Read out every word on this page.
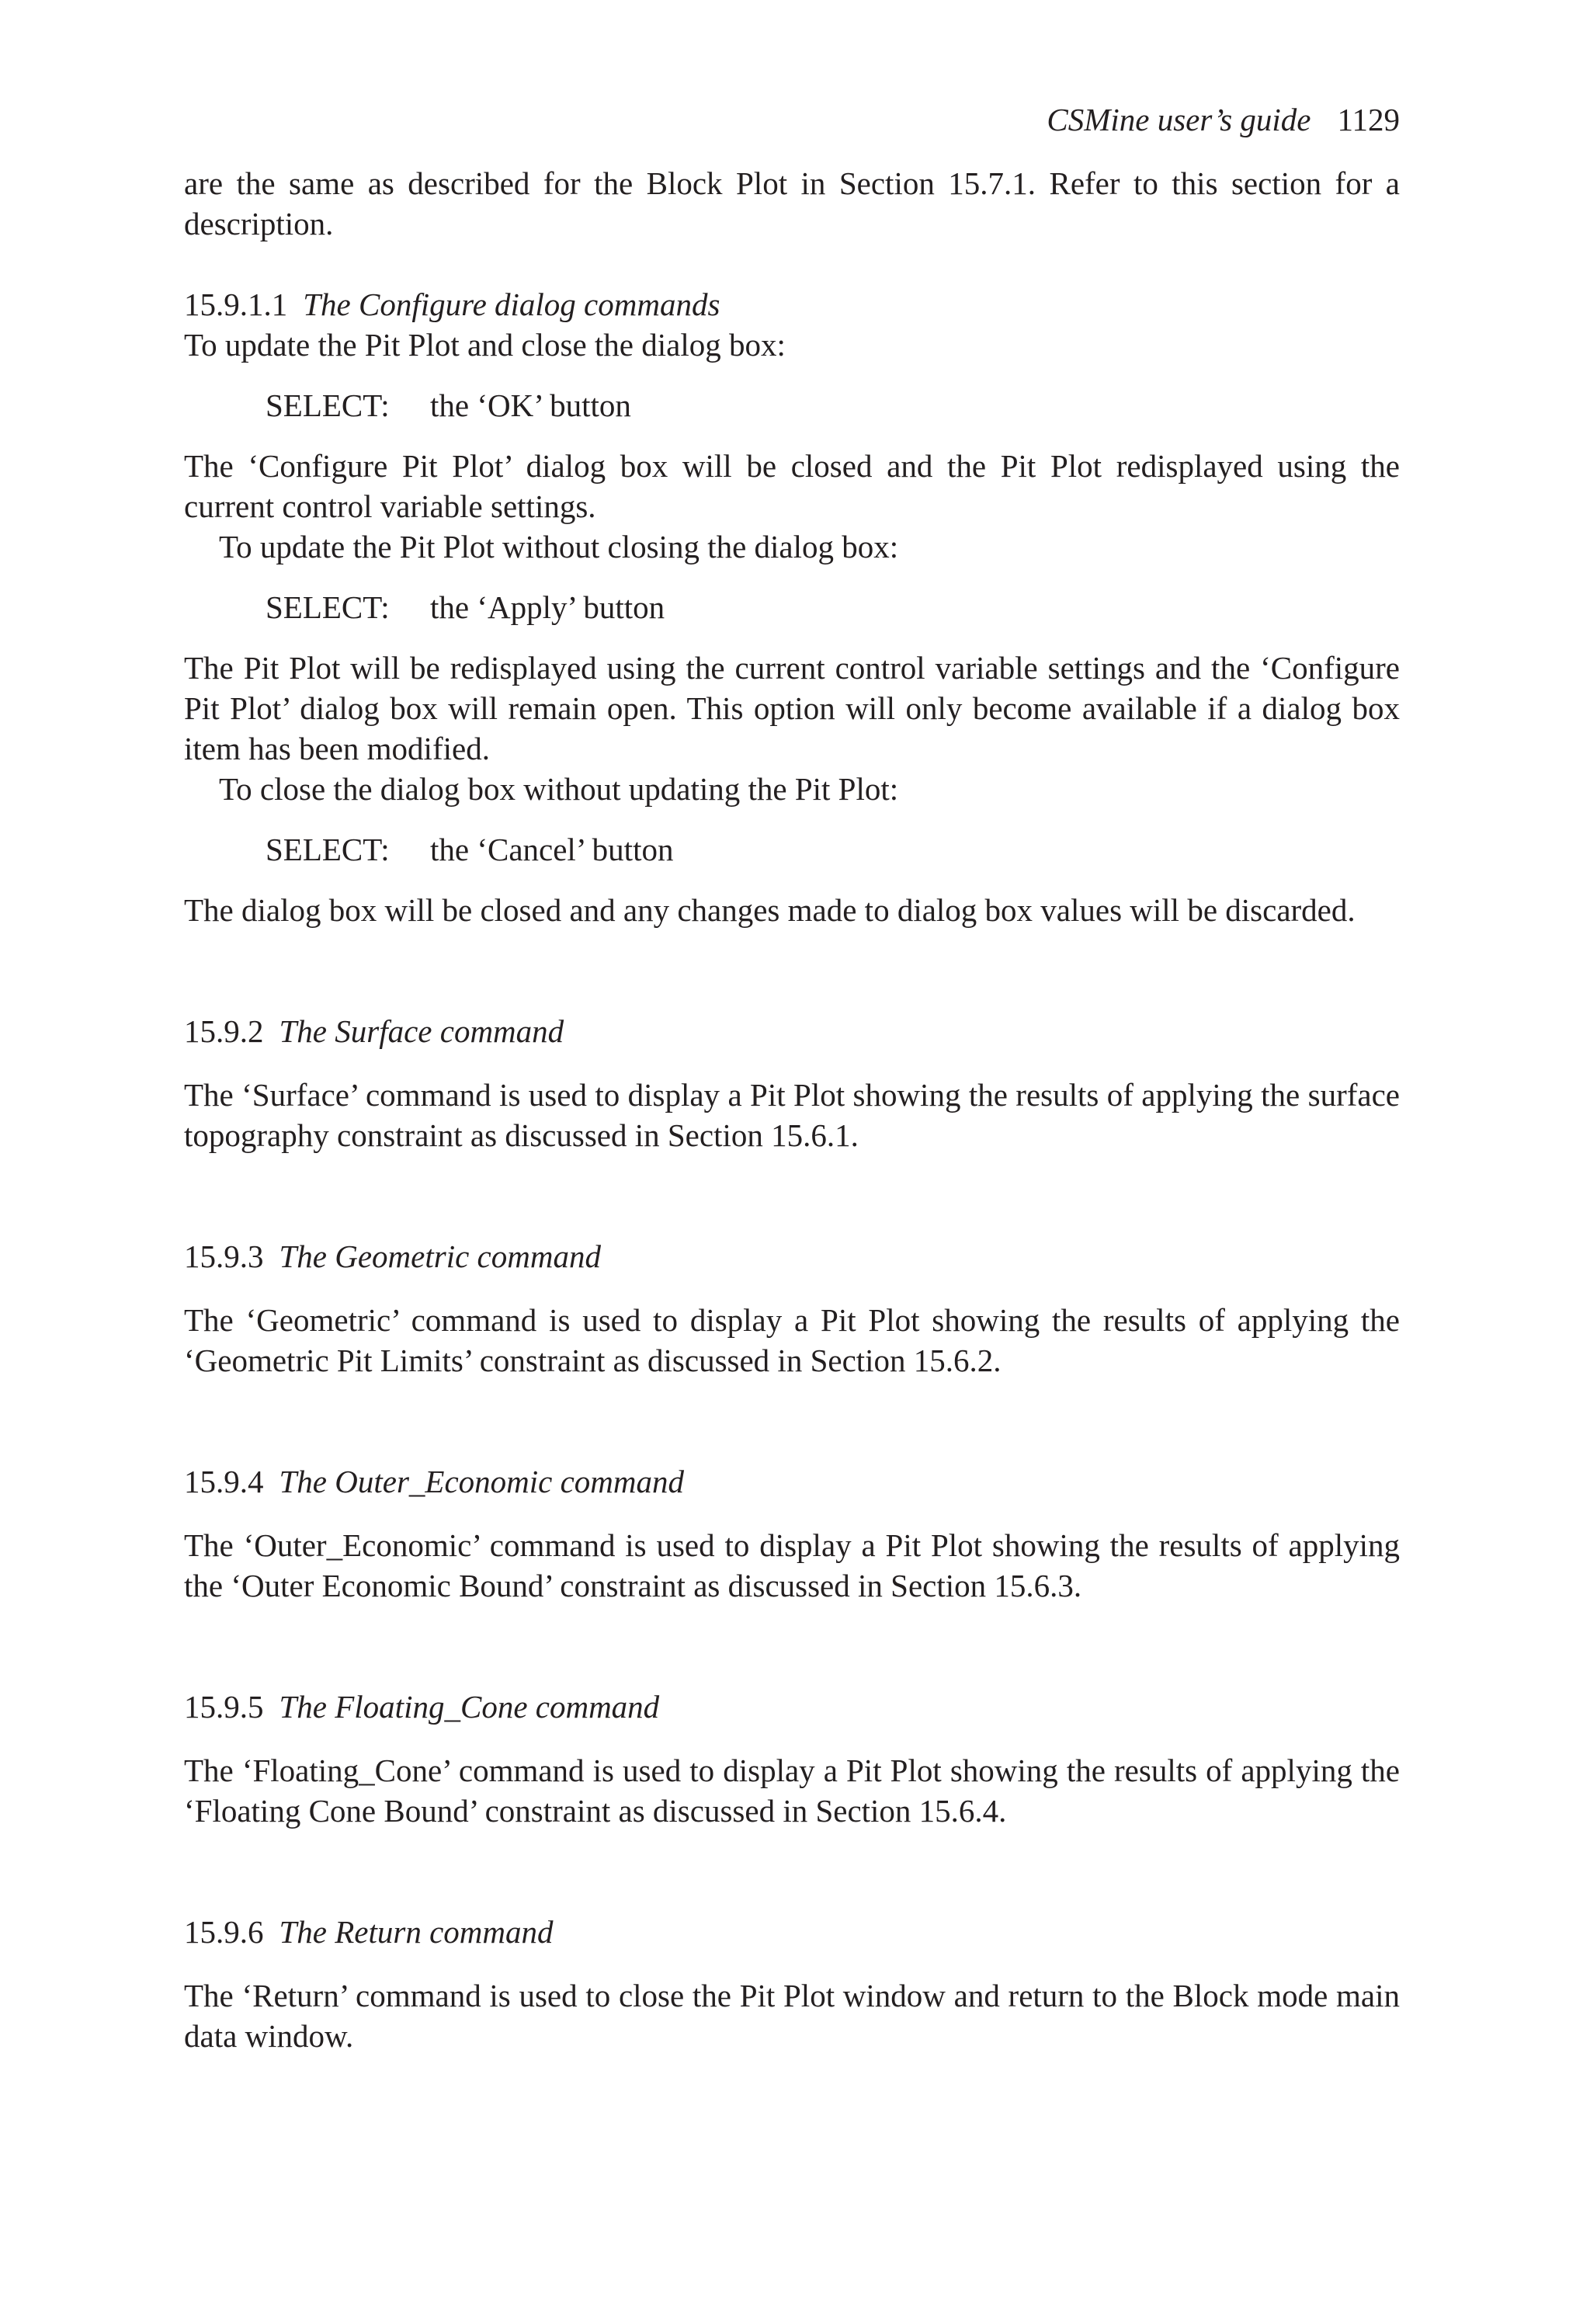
CSMine user’s guide 1129

are the same as described for the Block Plot in Section 15.7.1. Refer to this section for a description.

15.9.1.1 The Configure dialog commands

To update the Pit Plot and close the dialog box:

SELECT: the ‘OK’ button

The ‘Configure Pit Plot’ dialog box will be closed and the Pit Plot redisplayed using the current control variable settings.

To update the Pit Plot without closing the dialog box:

SELECT: the ‘Apply’ button

The Pit Plot will be redisplayed using the current control variable settings and the ‘Configure Pit Plot’ dialog box will remain open. This option will only become available if a dialog box item has been modified.

To close the dialog box without updating the Pit Plot:

SELECT: the ‘Cancel’ button

The dialog box will be closed and any changes made to dialog box values will be discarded.

15.9.2 The Surface command

The ‘Surface’ command is used to display a Pit Plot showing the results of applying the surface topography constraint as discussed in Section 15.6.1.

15.9.3 The Geometric command

The ‘Geometric’ command is used to display a Pit Plot showing the results of applying the ‘Geometric Pit Limits’ constraint as discussed in Section 15.6.2.

15.9.4 The Outer_Economic command

The ‘Outer_Economic’ command is used to display a Pit Plot showing the results of applying the ‘Outer Economic Bound’ constraint as discussed in Section 15.6.3.

15.9.5 The Floating_Cone command

The ‘Floating_Cone’ command is used to display a Pit Plot showing the results of applying the ‘Floating Cone Bound’ constraint as discussed in Section 15.6.4.

15.9.6 The Return command

The ‘Return’ command is used to close the Pit Plot window and return to the Block mode main data window.
